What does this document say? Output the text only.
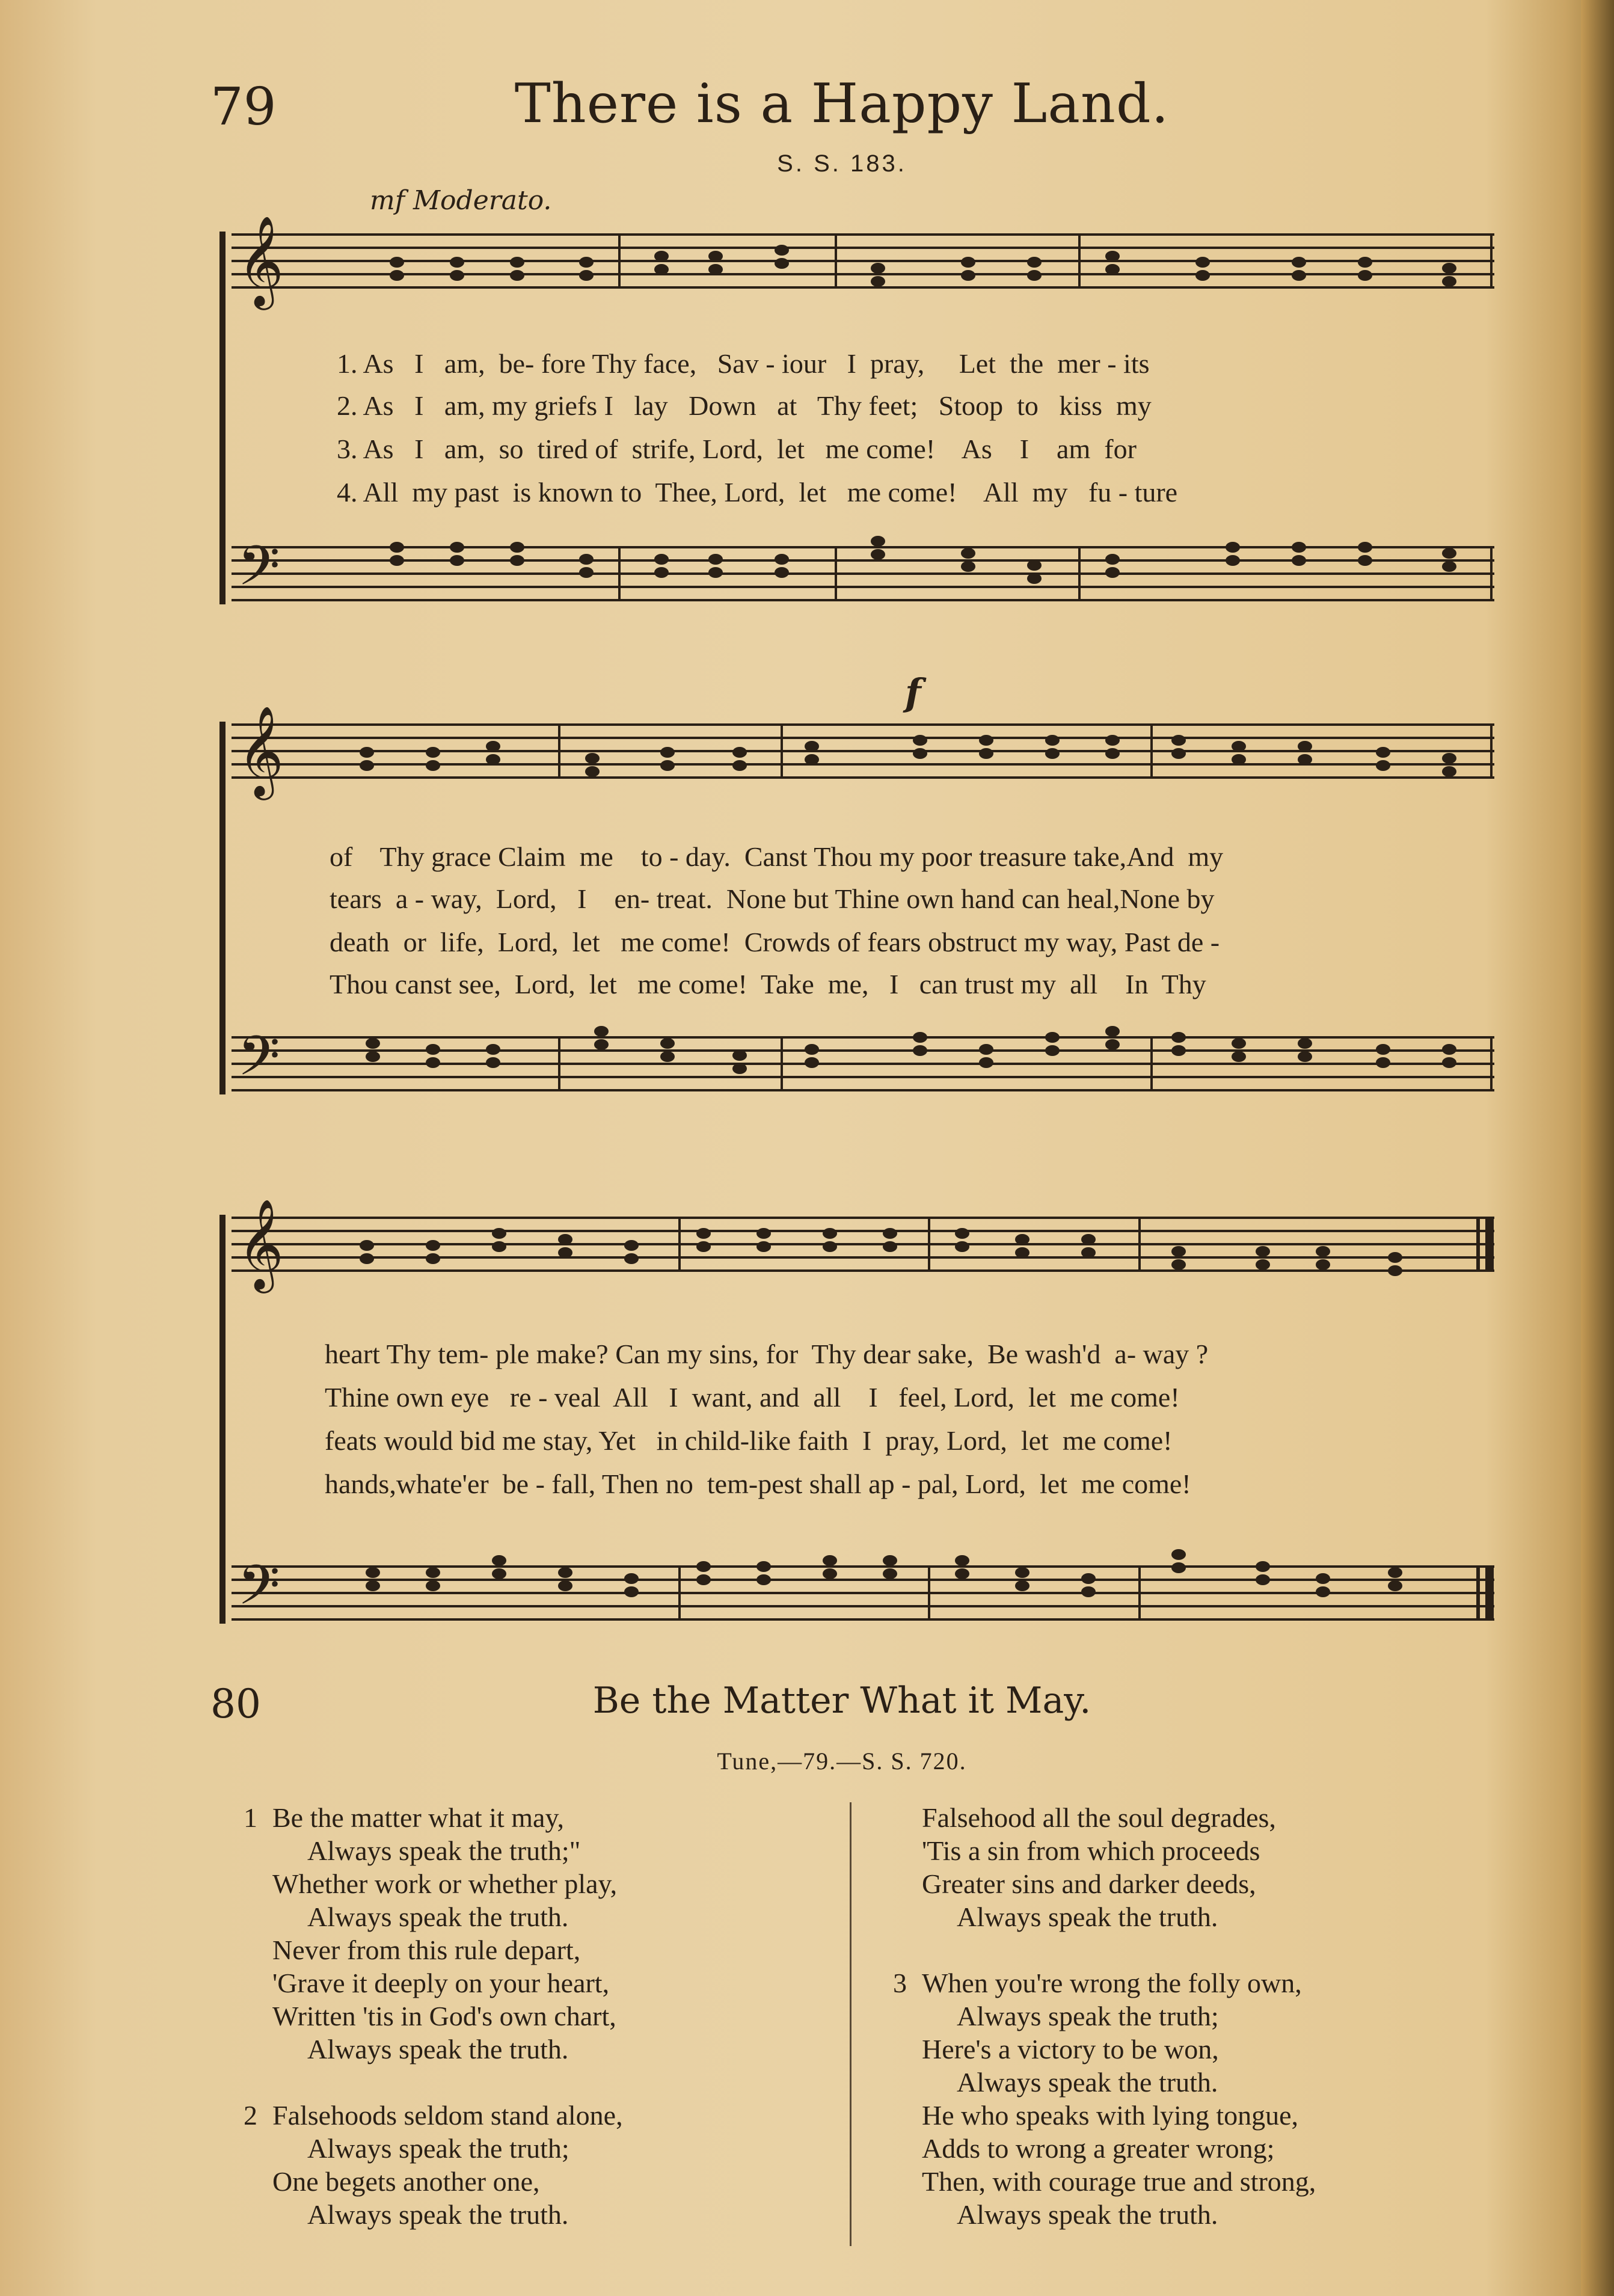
79	There is a Happy Land.
S. S. 183.
mf Moderato.
f
𝄞
𝄢
𝄞
𝄢
𝄞
𝄢
1. As   I   am,  be- fore Thy face,   Sav - iour   I  pray,     Let  the  mer - its
2. As   I   am, my griefs I   lay   Down   at   Thy feet;   Stoop  to   kiss  my
3. As   I   am,  so  tired of  strife, Lord,  let   me come!    As    I    am  for
4. All  my past  is known to  Thee, Lord,  let   me come!    All  my   fu - ture
of    Thy grace Claim  me    to - day.  Canst Thou my poor treasure take,And  my
tears  a - way,  Lord,   I    en- treat.  None but Thine own hand can heal,None by
death  or  life,  Lord,  let   me come!  Crowds of fears obstruct my way, Past de -
Thou canst see,  Lord,  let   me come!  Take  me,   I   can trust my  all    In  Thy
heart Thy tem- ple make? Can my sins, for  Thy dear sake,  Be wash'd  a- way ?
Thine own eye   re - veal  All   I  want, and  all    I   feel, Lord,  let  me come!
feats would bid me stay, Yet   in child-like faith  I  pray, Lord,  let  me come!
hands,whate'er  be - fall, Then no  tem-pest shall ap - pal, Lord,  let  me come!
80	Be the Matter What it May.
Tune,—79.—S. S. 720.
1 Be the matter what it may,
Always speak the truth;"
Whether work or whether play,
Always speak the truth.
Never from this rule depart,
'Grave it deeply on your heart,
Written 'tis in God's own chart,
Always speak the truth.

2 Falsehoods seldom stand alone,
Always speak the truth;
One begets another one,
Always speak the truth.
Falsehood all the soul degrades,
'Tis a sin from which proceeds
Greater sins and darker deeds,
Always speak the truth.

3 When you're wrong the folly own,
Always speak the truth;
Here's a victory to be won,
Always speak the truth.
He who speaks with lying tongue,
Adds to wrong a greater wrong;
Then, with courage true and strong,
Always speak the truth.
